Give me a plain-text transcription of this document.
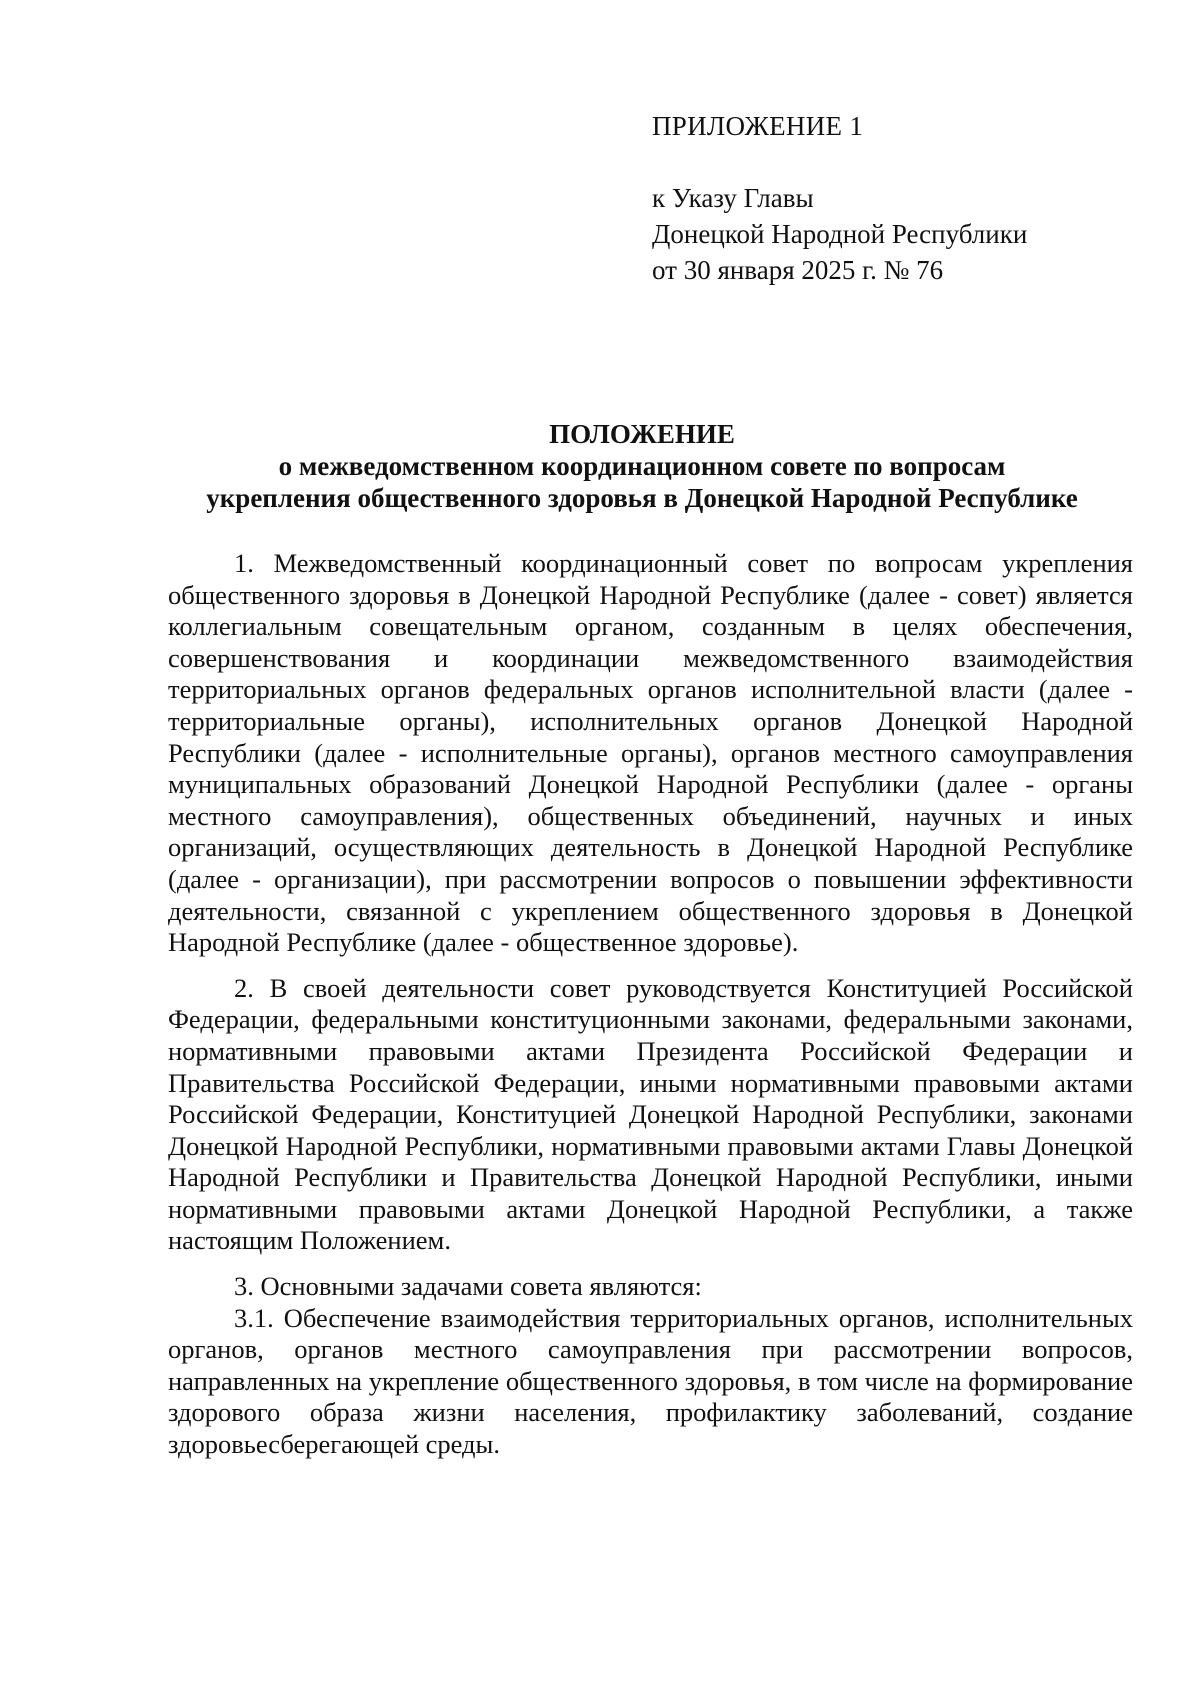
ПРИЛОЖЕНИЕ 1
к Указу Главы
Донецкой Народной Республики
от 30 января 2025 г. № 76
ПОЛОЖЕНИЕ
о межведомственном координационном совете по вопросам
укрепления общественного здоровья в Донецкой Народной Республике

1. Межведомственный координационный совет по вопросам укрепления общественного здоровья в Донецкой Народной Республике (далее - совет) является коллегиальным совещательным органом, созданным в целях обеспечения, совершенствования и координации межведомственного взаимодействия территориальных органов федеральных органов исполнительной власти (далее - территориальные органы), исполнительных органов Донецкой Народной Республики (далее - исполнительные органы), органов местного самоуправления муниципальных образований Донецкой Народной Республики (далее - органы местного самоуправления), общественных объединений, научных и иных организаций, осуществляющих деятельность в Донецкой Народной Республике (далее - организации), при рассмотрении вопросов о повышении эффективности деятельности, связанной с укреплением общественного здоровья в Донецкой Народной Республике (далее - общественное здоровье).

2. В своей деятельности совет руководствуется Конституцией Российской Федерации, федеральными конституционными законами, федеральными законами, нормативными правовыми актами Президента Российской Федерации и Правительства Российской Федерации, иными нормативными правовыми актами Российской Федерации, Конституцией Донецкой Народной Республики, законами Донецкой Народной Республики, нормативными правовыми актами Главы Донецкой Народной Республики и Правительства Донецкой Народной Республики, иными нормативными правовыми актами Донецкой Народной Республики, а также настоящим Положением.

3. Основными задачами совета являются:

3.1. Обеспечение взаимодействия территориальных органов, исполнительных органов, органов местного самоуправления при рассмотрении вопросов, направленных на укрепление общественного здоровья, в том числе на формирование здорового образа жизни населения, профилактику заболеваний, создание здоровьесберегающей среды.
